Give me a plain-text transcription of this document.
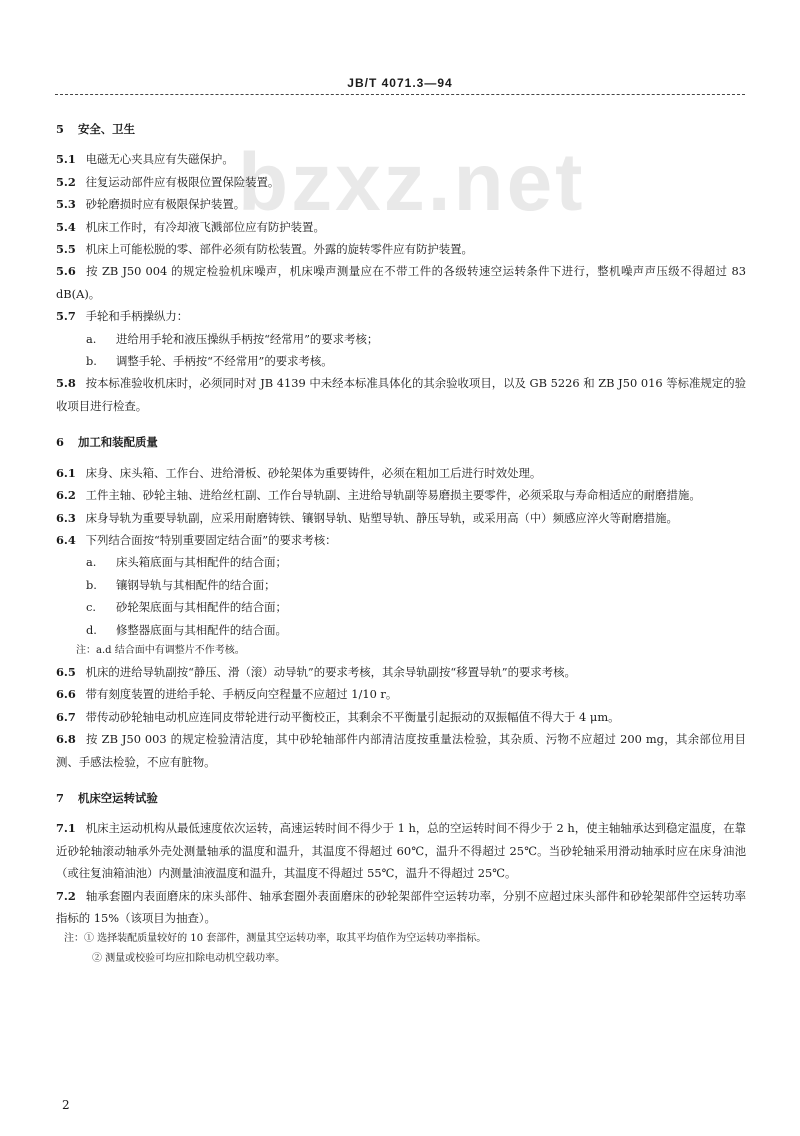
JB/T 4071.3—94
bzxz.net
5 安全、卫生
5.1 电磁无心夹具应有失磁保护。
5.2 往复运动部件应有极限位置保险装置。
5.3 砂轮磨损时应有极限保护装置。
5.4 机床工作时，有冷却液飞溅部位应有防护装置。
5.5 机床上可能松脱的零、部件必须有防松装置。外露的旋转零件应有防护装置。
5.6 按 ZB J50 004 的规定检验机床噪声，机床噪声测量应在不带工件的各级转速空运转条件下进行，整机噪声声压级不得超过 83 dB(A)。
5.7 手轮和手柄操纵力：
a. 进给用手轮和液压操纵手柄按“经常用”的要求考核；
b. 调整手轮、手柄按“不经常用”的要求考核。
5.8 按本标准验收机床时，必须同时对 JB 4139 中未经本标准具体化的其余验收项目，以及 GB 5226 和 ZB J50 016 等标准规定的验收项目进行检查。
6 加工和装配质量
6.1 床身、床头箱、工作台、进给滑板、砂轮架体为重要铸件，必须在粗加工后进行时效处理。
6.2 工件主轴、砂轮主轴、进给丝杠副、工作台导轨副、主进给导轨副等易磨损主要零件，必须采取与寿命相适应的耐磨措施。
6.3 床身导轨为重要导轨副，应采用耐磨铸铁、镶钢导轨、贴塑导轨、静压导轨，或采用高（中）频感应淬火等耐磨措施。
6.4 下列结合面按“特别重要固定结合面”的要求考核：
a. 床头箱底面与其相配件的结合面；
b. 镶钢导轨与其相配件的结合面；
c. 砂轮架底面与其相配件的结合面；
d. 修整器底面与其相配件的结合面。
注：a.d 结合面中有调整片不作考核。
6.5 机床的进给导轨副按“静压、滑（滚）动导轨”的要求考核，其余导轨副按“移置导轨”的要求考核。
6.6 带有刻度装置的进给手轮、手柄反向空程量不应超过 1/10 r。
6.7 带传动砂轮轴电动机应连同皮带轮进行动平衡校正，其剩余不平衡量引起振动的双振幅值不得大于 4 μm。
6.8 按 ZB J50 003 的规定检验清洁度，其中砂轮轴部件内部清洁度按重量法检验，其杂质、污物不应超过 200 mg，其余部位用目测、手感法检验，不应有脏物。
7 机床空运转试验
7.1 机床主运动机构从最低速度依次运转，高速运转时间不得少于 1 h，总的空运转时间不得少于 2 h，使主轴轴承达到稳定温度，在靠近砂轮轴滚动轴承外壳处测量轴承的温度和温升，其温度不得超过 60℃，温升不得超过 25℃。当砂轮轴采用滑动轴承时应在床身油池（或往复油箱油池）内测量油液温度和温升，其温度不得超过 55℃，温升不得超过 25℃。
7.2 轴承套圈内表面磨床的床头部件、轴承套圈外表面磨床的砂轮架部件空运转功率，分别不应超过床头部件和砂轮架部件空运转功率指标的 15%（该项目为抽查）。
注：① 选择装配质量较好的 10 套部件，测量其空运转功率，取其平均值作为空运转功率指标。
② 测量或校验可均应扣除电动机空载功率。
2
